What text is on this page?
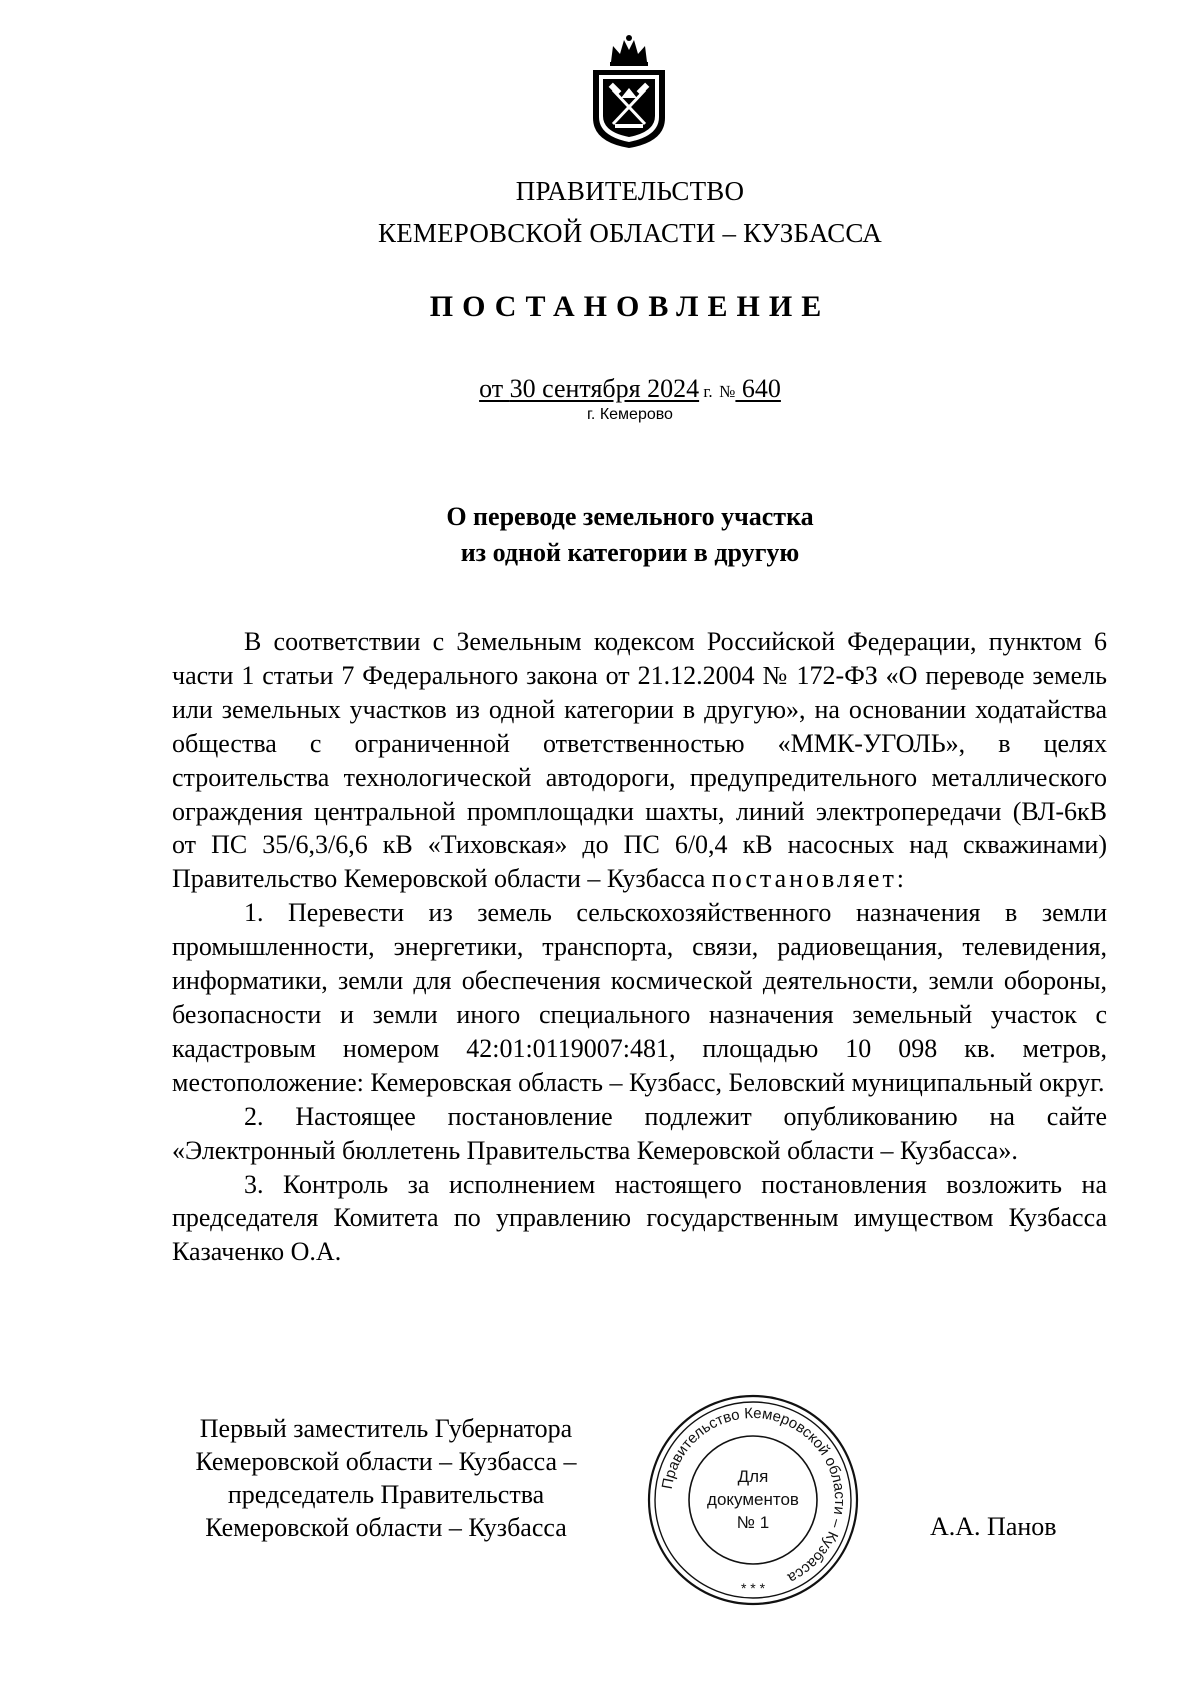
ПРАВИТЕЛЬСТВО
КЕМЕРОВСКОЙ ОБЛАСТИ – КУЗБАССА
ПОСТАНОВЛЕНИЕ
от 30 сентября 2024 г. № 640
г. Кемерово
О переводе земельного участка
из одной категории в другую

В соответствии с Земельным кодексом Российской Федерации, пунктом 6 части 1 статьи 7 Федерального закона от 21.12.2004 № 172-ФЗ «О переводе земель или земельных участков из одной категории в другую», на основании ходатайства общества с ограниченной ответственностью «ММК-УГОЛЬ», в целях строительства технологической автодороги, предупредительного металлического ограждения центральной промплощадки шахты, линий электропередачи (ВЛ-6кВ от ПС 35/6,3/6,6 кВ «Тиховская» до ПС 6/0,4 кВ насосных над скважинами) Правительство Кемеровской области – Кузбасса постановляет:

1. Перевести из земель сельскохозяйственного назначения в земли промышленности, энергетики, транспорта, связи, радиовещания, телевидения, информатики, земли для обеспечения космической деятельности, земли обороны, безопасности и земли иного специального назначения земельный участок с кадастровым номером 42:01:0119007:481, площадью 10 098 кв. метров, местоположение: Кемеровская область – Кузбасс, Беловский муниципальный округ.

2. Настоящее постановление подлежит опубликованию на сайте «Электронный бюллетень Правительства Кемеровской области – Кузбасса».

3. Контроль за исполнением настоящего постановления возложить на председателя Комитета по управлению государственным имуществом Кузбасса Казаченко О.А.

Первый заместитель Губернатора
Кемеровской области – Кузбасса –
председатель Правительства
Кемеровской области – Кузбасса
Правительство Кемеровской области – Кузбасса
Для
документов
№ 1
* * *
А.А. Панов
